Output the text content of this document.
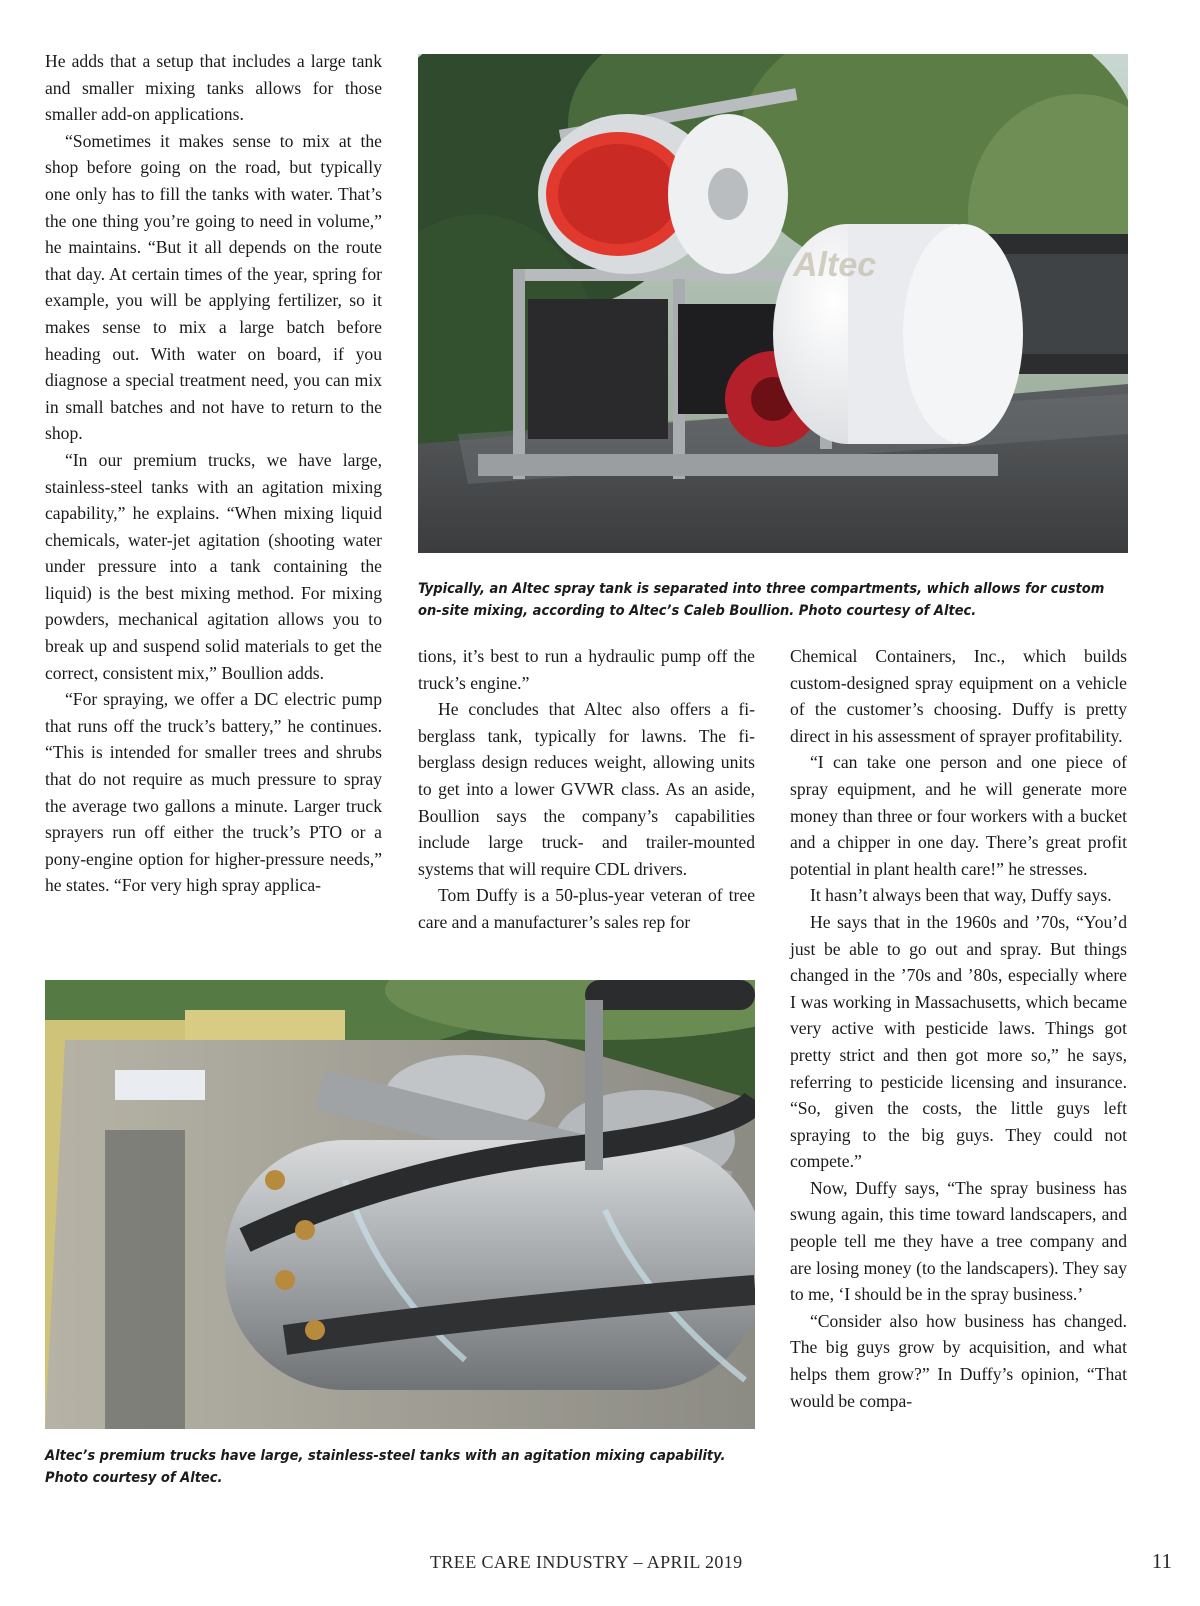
He adds that a setup that includes a large tank and smaller mixing tanks allows for those smaller add-on applications.

“Sometimes it makes sense to mix at the shop before going on the road, but typically one only has to fill the tanks with water. That’s the one thing you’re going to need in volume,” he maintains. “But it all depends on the route that day. At certain times of the year, spring for example, you will be applying fertilizer, so it makes sense to mix a large batch before heading out. With water on board, if you diagnose a special treatment need, you can mix in small batches and not have to return to the shop.

“In our premium trucks, we have large, stainless-steel tanks with an agitation mixing capability,” he explains. “When mixing liquid chemicals, water-jet agitation (shooting water under pressure into a tank containing the liquid) is the best mixing method. For mixing powders, mechanical agitation allows you to break up and suspend solid materials to get the correct, consistent mix,” Boullion adds.

“For spraying, we offer a DC electric pump that runs off the truck’s battery,” he continues. “This is intended for smaller trees and shrubs that do not require as much pressure to spray the average two gallons a minute. Larger truck sprayers run off either the truck’s PTO or a pony-engine option for higher-pressure needs,” he states. “For very high spray applica-

Altec
Typically, an Altec spray tank is separated into three compartments, which allows for custom on-site mixing, according to Altec’s Caleb Boullion. Photo courtesy of Altec.

tions, it’s best to run a hydraulic pump off the truck’s engine.”

He concludes that Altec also offers a fiberglass tank, typically for lawns. The fiberglass design reduces weight, allowing units to get into a lower GVWR class. As an aside, Boullion says the company’s capabilities include large truck- and trailer-mounted systems that will require CDL drivers.

Tom Duffy is a 50-plus-year veteran of tree care and a manufacturer’s sales rep for

Chemical Containers, Inc., which builds custom-designed spray equipment on a vehicle of the customer’s choosing. Duffy is pretty direct in his assessment of sprayer profitability.

“I can take one person and one piece of spray equipment, and he will generate more money than three or four workers with a bucket and a chipper in one day. There’s great profit potential in plant health care!” he stresses.

It hasn’t always been that way, Duffy says.

He says that in the 1960s and ’70s, “You’d just be able to go out and spray. But things changed in the ’70s and ’80s, especially where I was working in Massachusetts, which became very active with pesticide laws. Things got pretty strict and then got more so,” he says, referring to pesticide licensing and insurance. “So, given the costs, the little guys left spraying to the big guys. They could not compete.”

Now, Duffy says, “The spray business has swung again, this time toward landscapers, and people tell me they have a tree company and are losing money (to the landscapers). They say to me, ‘I should be in the spray business.’

“Consider also how business has changed. The big guys grow by acquisition, and what helps them grow?” In Duffy’s opinion, “That would be compa-

Altec’s premium trucks have large, stainless-steel tanks with an agitation mixing capability. Photo courtesy of Altec.
TREE CARE INDUSTRY – APRIL 2019	11
